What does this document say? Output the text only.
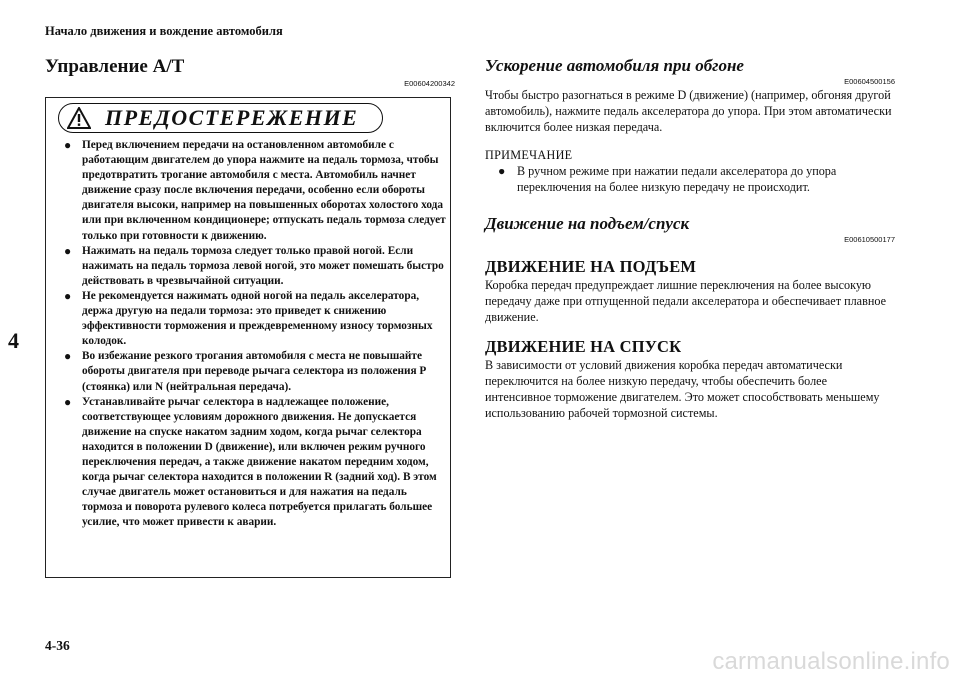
Начало движения и вождение автомобиля
4
Управление A/T
E00604200342
ПРЕДОСТЕРЕЖЕНИЕ
● Перед включением передачи на остановленном автомобиле с работающим двигателем до упора нажмите на педаль тормоза, чтобы предотвратить трогание автомобиля с места. Автомобиль начнет движение сразу после включения передачи, особенно если обороты двигателя высоки, например на повышенных оборотах холостого хода или при включенном кондиционере; отпускать педаль тормоза следует только при готовности к движению.
● Нажимать на педаль тормоза следует только правой ногой. Если нажимать на педаль тормоза левой ногой, это может помешать быстро действовать в чрезвычайной ситуации.
● Не рекомендуется нажимать одной ногой на педаль акселератора, держа другую на педали тормоза: это приведет к снижению эффективности торможения и преждевременному износу тормозных колодок.
● Во избежание резкого трогания автомобиля с места не повышайте обороты двигателя при переводе рычага селектора из положения P (стоянка) или N (нейтральная передача).
● Устанавливайте рычаг селектора в надлежащее положение, соответствующее условиям дорожного движения. Не допускается движение на спуске накатом задним ходом, когда рычаг селектора находится в положении D (движение), или включен режим ручного переключения передач, а также движение накатом передним ходом, когда рычаг селектора находится в положении R (задний ход). В этом случае двигатель может остановиться и для нажатия на педаль тормоза и поворота рулевого колеса потребуется прилагать большее усилие, что может привести к аварии.
Ускорение автомобиля при обгоне
E00604500156

Чтобы быстро разогнаться в режиме D (движение) (например, обгоняя другой автомобиль), нажмите педаль акселератора до упора. При этом автоматически включится более низкая передача.

ПРИМЕЧАНИЕ

● В ручном режиме при нажатии педали акселератора до упора переключения на более низкую передачу не происходит.
Движение на подъем/спуск
E00610500177
ДВИЖЕНИЕ НА ПОДЪЕМ

Коробка передач предупреждает лишние переключения на более высокую передачу даже при отпущенной педали акселератора и обеспечивает плавное движение.

ДВИЖЕНИЕ НА СПУСК

В зависимости от условий движения коробка передач автоматически переключится на более низкую передачу, чтобы обеспечить более интенсивное торможение двигателем. Это может способствовать меньшему использованию рабочей тормозной системы.

4-36
carmanualsonline.info
